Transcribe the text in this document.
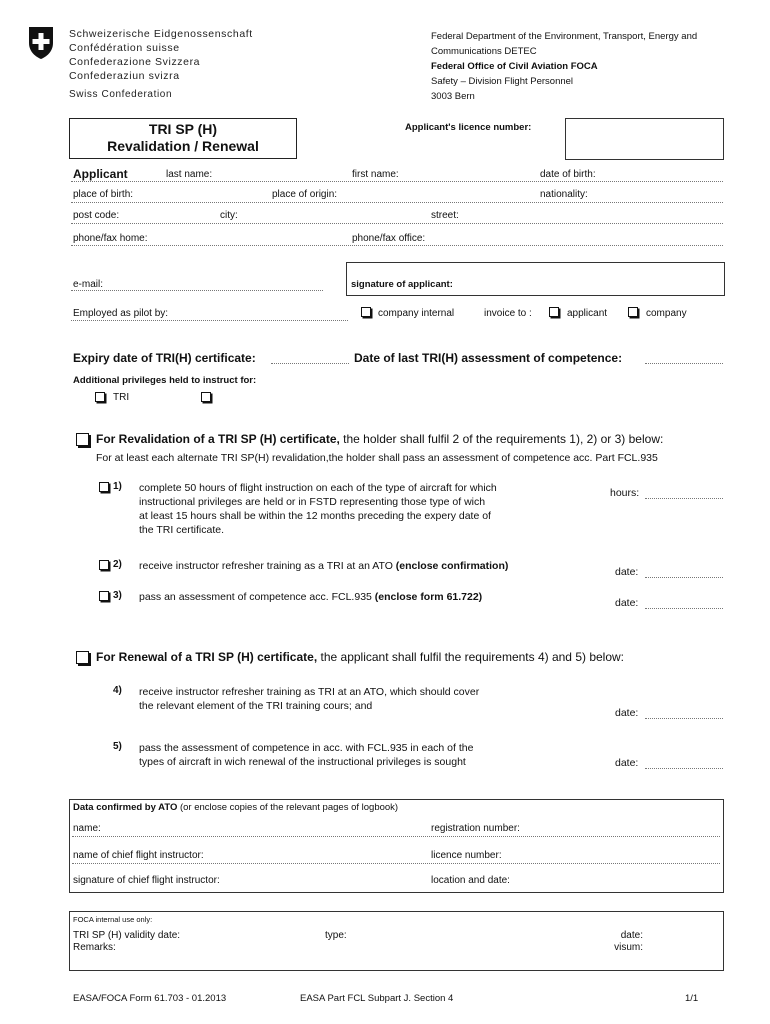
Schweizerische Eidgenossenschaft
Confédération suisse
Confederazione Svizzera
Confederaziun svizra
Swiss Confederation
Federal Department of the Environment, Transport, Energy and
Communications DETEC
Federal Office of Civil Aviation FOCA
Safety – Division Flight Personnel
3003 Bern
TRI SP (H)
Revalidation / Renewal
Applicant's licence number:
Applicant	last name:	first name:	date of birth:
place of birth:	place of origin:	nationality:
post code:	city:	street:
phone/fax home:	phone/fax office:
e-mail:	signature of applicant:
Employed as pilot by:	company internal	invoice to :	applicant	company
Expiry date of TRI(H) certificate:	Date of last TRI(H) assessment of competence:
Additional privileges held to instruct for:
TRI
For Revalidation of a TRI SP (H) certificate, the holder shall fulfil 2 of the requirements 1), 2) or 3) below:
For at least each alternate TRI SP(H) revalidation,the holder shall pass an assessment of competence acc. Part FCL.935
1) complete 50 hours of flight instruction on each of the type of aircraft for which
instructional privileges are held or in FSTD representing those type of wich
at least 15 hours shall be within the 12 months preceding the expery date of
the TRI certificate.
hours:
2) receive instructor refresher training as a TRI at an ATO (enclose confirmation)	date:
3) pass an assessment of competence acc. FCL.935 (enclose form 61.722)	date:
For Renewal of a TRI SP (H) certificate, the applicant shall fulfil the requirements 4) and 5) below:
4) receive instructor refresher training as TRI at an ATO, which should cover
the relevant element of the TRI training cours; and
date:
5) pass the assessment of competence in acc. with FCL.935 in each of the
types of aircraft in wich renewal of the instructional privileges is sought	date:
Data confirmed by ATO (or enclose copies of the relevant pages of logbook)
name:	registration number:
name of chief flight instructor:	licence number:
signature of chief flight instructor:	location and date:
FOCA internal use only:
TRI SP (H) validity date:	type:	date:
Remarks:	visum:
EASA/FOCA Form 61.703 - 01.2013	EASA Part FCL Subpart J. Section 4	1/1
